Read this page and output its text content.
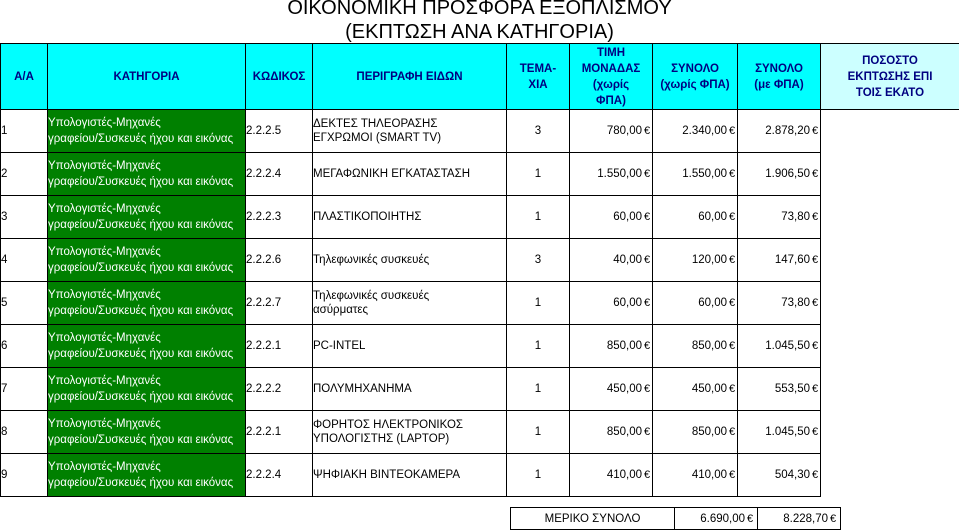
ΟΙΚΟΝΟΜΙΚΗ ΠΡΟΣΦΟΡΑ ΕΞΟΠΛΙΣΜΟΥ
(ΕΚΠΤΩΣΗ ΑΝΑ ΚΑΤΗΓΟΡΙΑ)
Α/Α	ΚΑΤΗΓΟΡΙΑ	ΚΩΔΙΚΟΣ	ΠΕΡΙΓΡΑΦΗ ΕΙΔΩΝ	ΤΕΜΑ-
ΧΙΑ	ΤΙΜΗ
ΜΟΝΑΔΑΣ
(χωρίς
ΦΠΑ)	ΣΥΝΟΛΟ
(χωρίς ΦΠΑ)	ΣΥΝΟΛΟ
(με ΦΠΑ)	ΠΟΣΟΣΤΟ
ΕΚΠΤΩΣΗΣ ΕΠΙ
ΤΟΙΣ ΕΚΑΤΟ
1	Υπολογιστές-Μηχανές
γραφείου/Συσκευές ήχου και εικόνας	2.2.2.5	ΔΕΚΤΕΣ ΤΗΛΕΟΡΑΣΗΣ
ΕΓΧΡΩΜΟΙ (SMART TV)	3	780,00 €	2.340,00 €	2.878,20 €	
2	Υπολογιστές-Μηχανές
γραφείου/Συσκευές ήχου και εικόνας	2.2.2.4	ΜΕΓΑΦΩΝΙΚΗ ΕΓΚΑΤΑΣΤΑΣΗ	1	1.550,00 €	1.550,00 €	1.906,50 €	
3	Υπολογιστές-Μηχανές
γραφείου/Συσκευές ήχου και εικόνας	2.2.2.3	ΠΛΑΣΤΙΚΟΠΟΙΗΤΗΣ	1	60,00 €	60,00 €	73,80 €	
4	Υπολογιστές-Μηχανές
γραφείου/Συσκευές ήχου και εικόνας	2.2.2.6	Τηλεφωνικές συσκευές	3	40,00 €	120,00 €	147,60 €	
5	Υπολογιστές-Μηχανές
γραφείου/Συσκευές ήχου και εικόνας	2.2.2.7	Τηλεφωνικές συσκευές
ασύρματες	1	60,00 €	60,00 €	73,80 €	
6	Υπολογιστές-Μηχανές
γραφείου/Συσκευές ήχου και εικόνας	2.2.2.1	PC-INTEL	1	850,00 €	850,00 €	1.045,50 €	
7	Υπολογιστές-Μηχανές
γραφείου/Συσκευές ήχου και εικόνας	2.2.2.2	ΠΟΛΥΜΗΧΑΝΗΜΑ	1	450,00 €	450,00 €	553,50 €	
8	Υπολογιστές-Μηχανές
γραφείου/Συσκευές ήχου και εικόνας	2.2.2.1	ΦΟΡΗΤΟΣ ΗΛΕΚΤΡΟΝΙΚΟΣ
ΥΠΟΛΟΓΙΣΤΗΣ (LAPTOP)	1	850,00 €	850,00 €	1.045,50 €	
9	Υπολογιστές-Μηχανές
γραφείου/Συσκευές ήχου και εικόνας	2.2.2.4	ΨΗΦΙΑΚΗ ΒΙΝΤΕΟΚΑΜΕΡΑ	1	410,00 €	410,00 €	504,30 €	
ΜΕΡΙΚΟ ΣΥΝΟΛΟ	6.690,00 €	8.228,70 €
